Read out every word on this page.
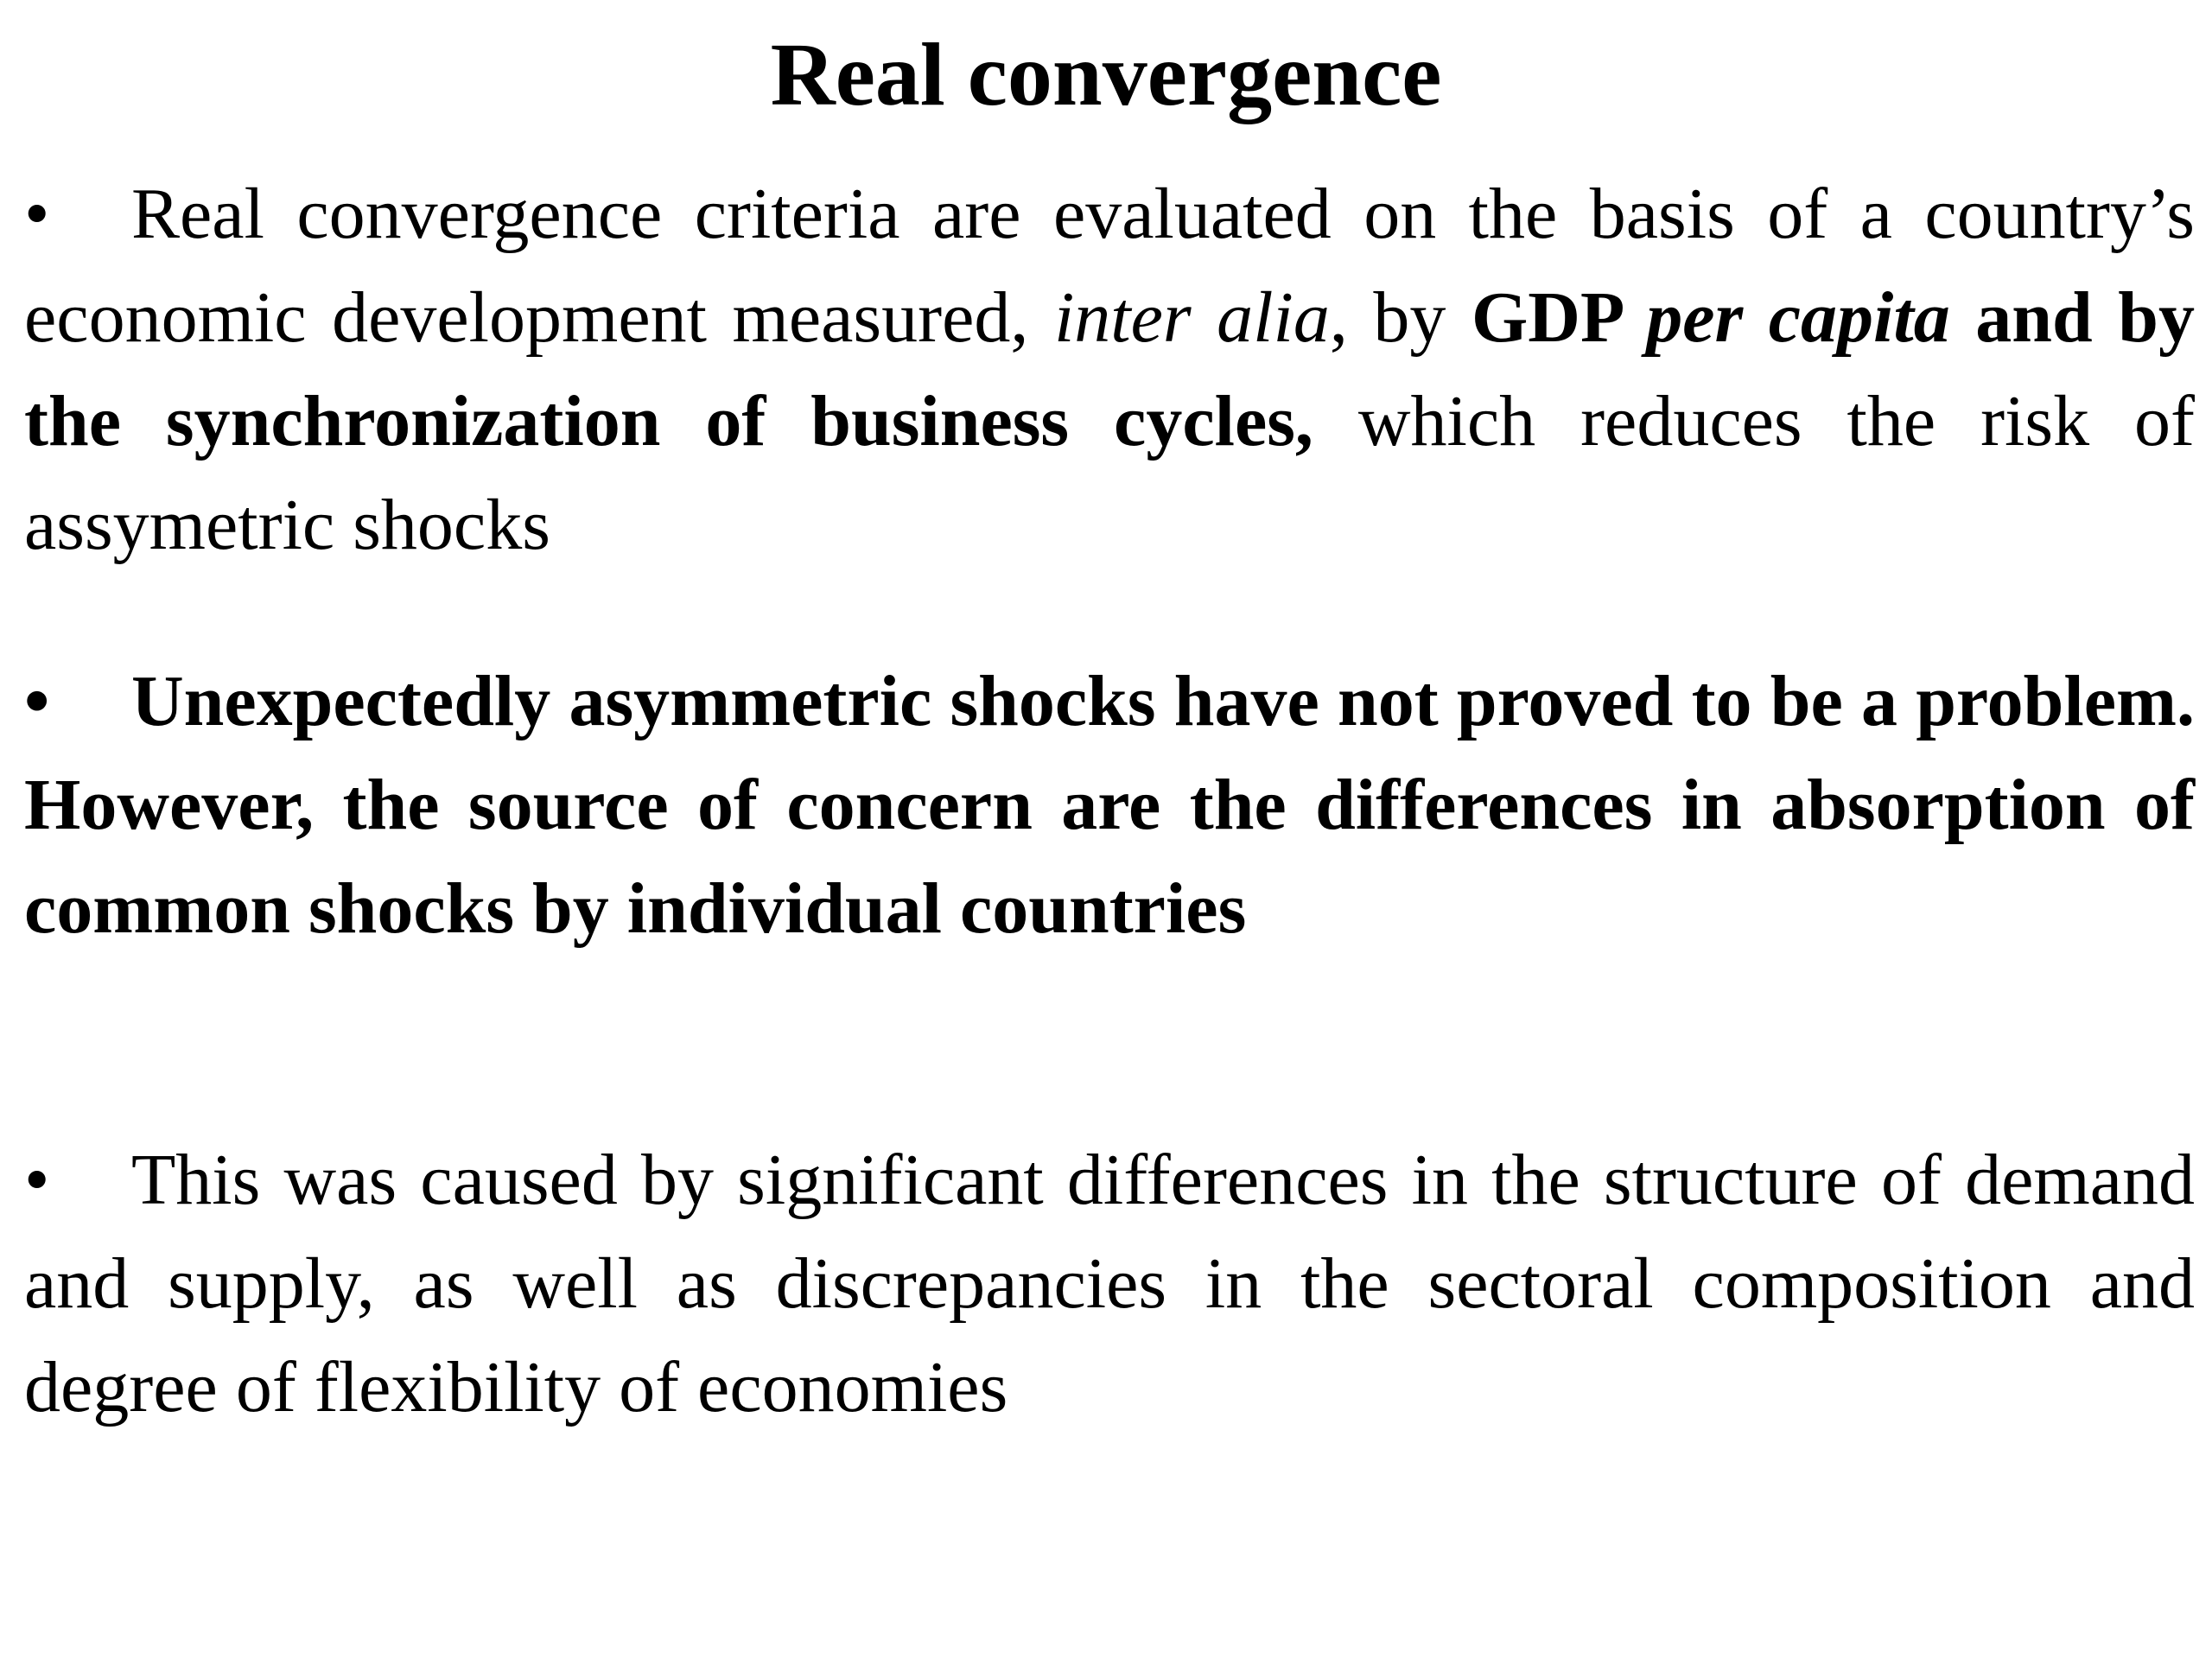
Real convergence

• Real convergence criteria are evaluated on the basis of a country’s economic development measured, inter alia, by GDP per capita and by the synchronization of business cycles, which reduces the risk of assymetric shocks

• Unexpectedly asymmetric shocks have not proved to be a problem. However, the source of concern are the differences in absorption of common shocks by individual countries

• This was caused by significant differences in the structure of demand and supply, as well as discrepancies in the sectoral composition and degree of flexibility of economies
